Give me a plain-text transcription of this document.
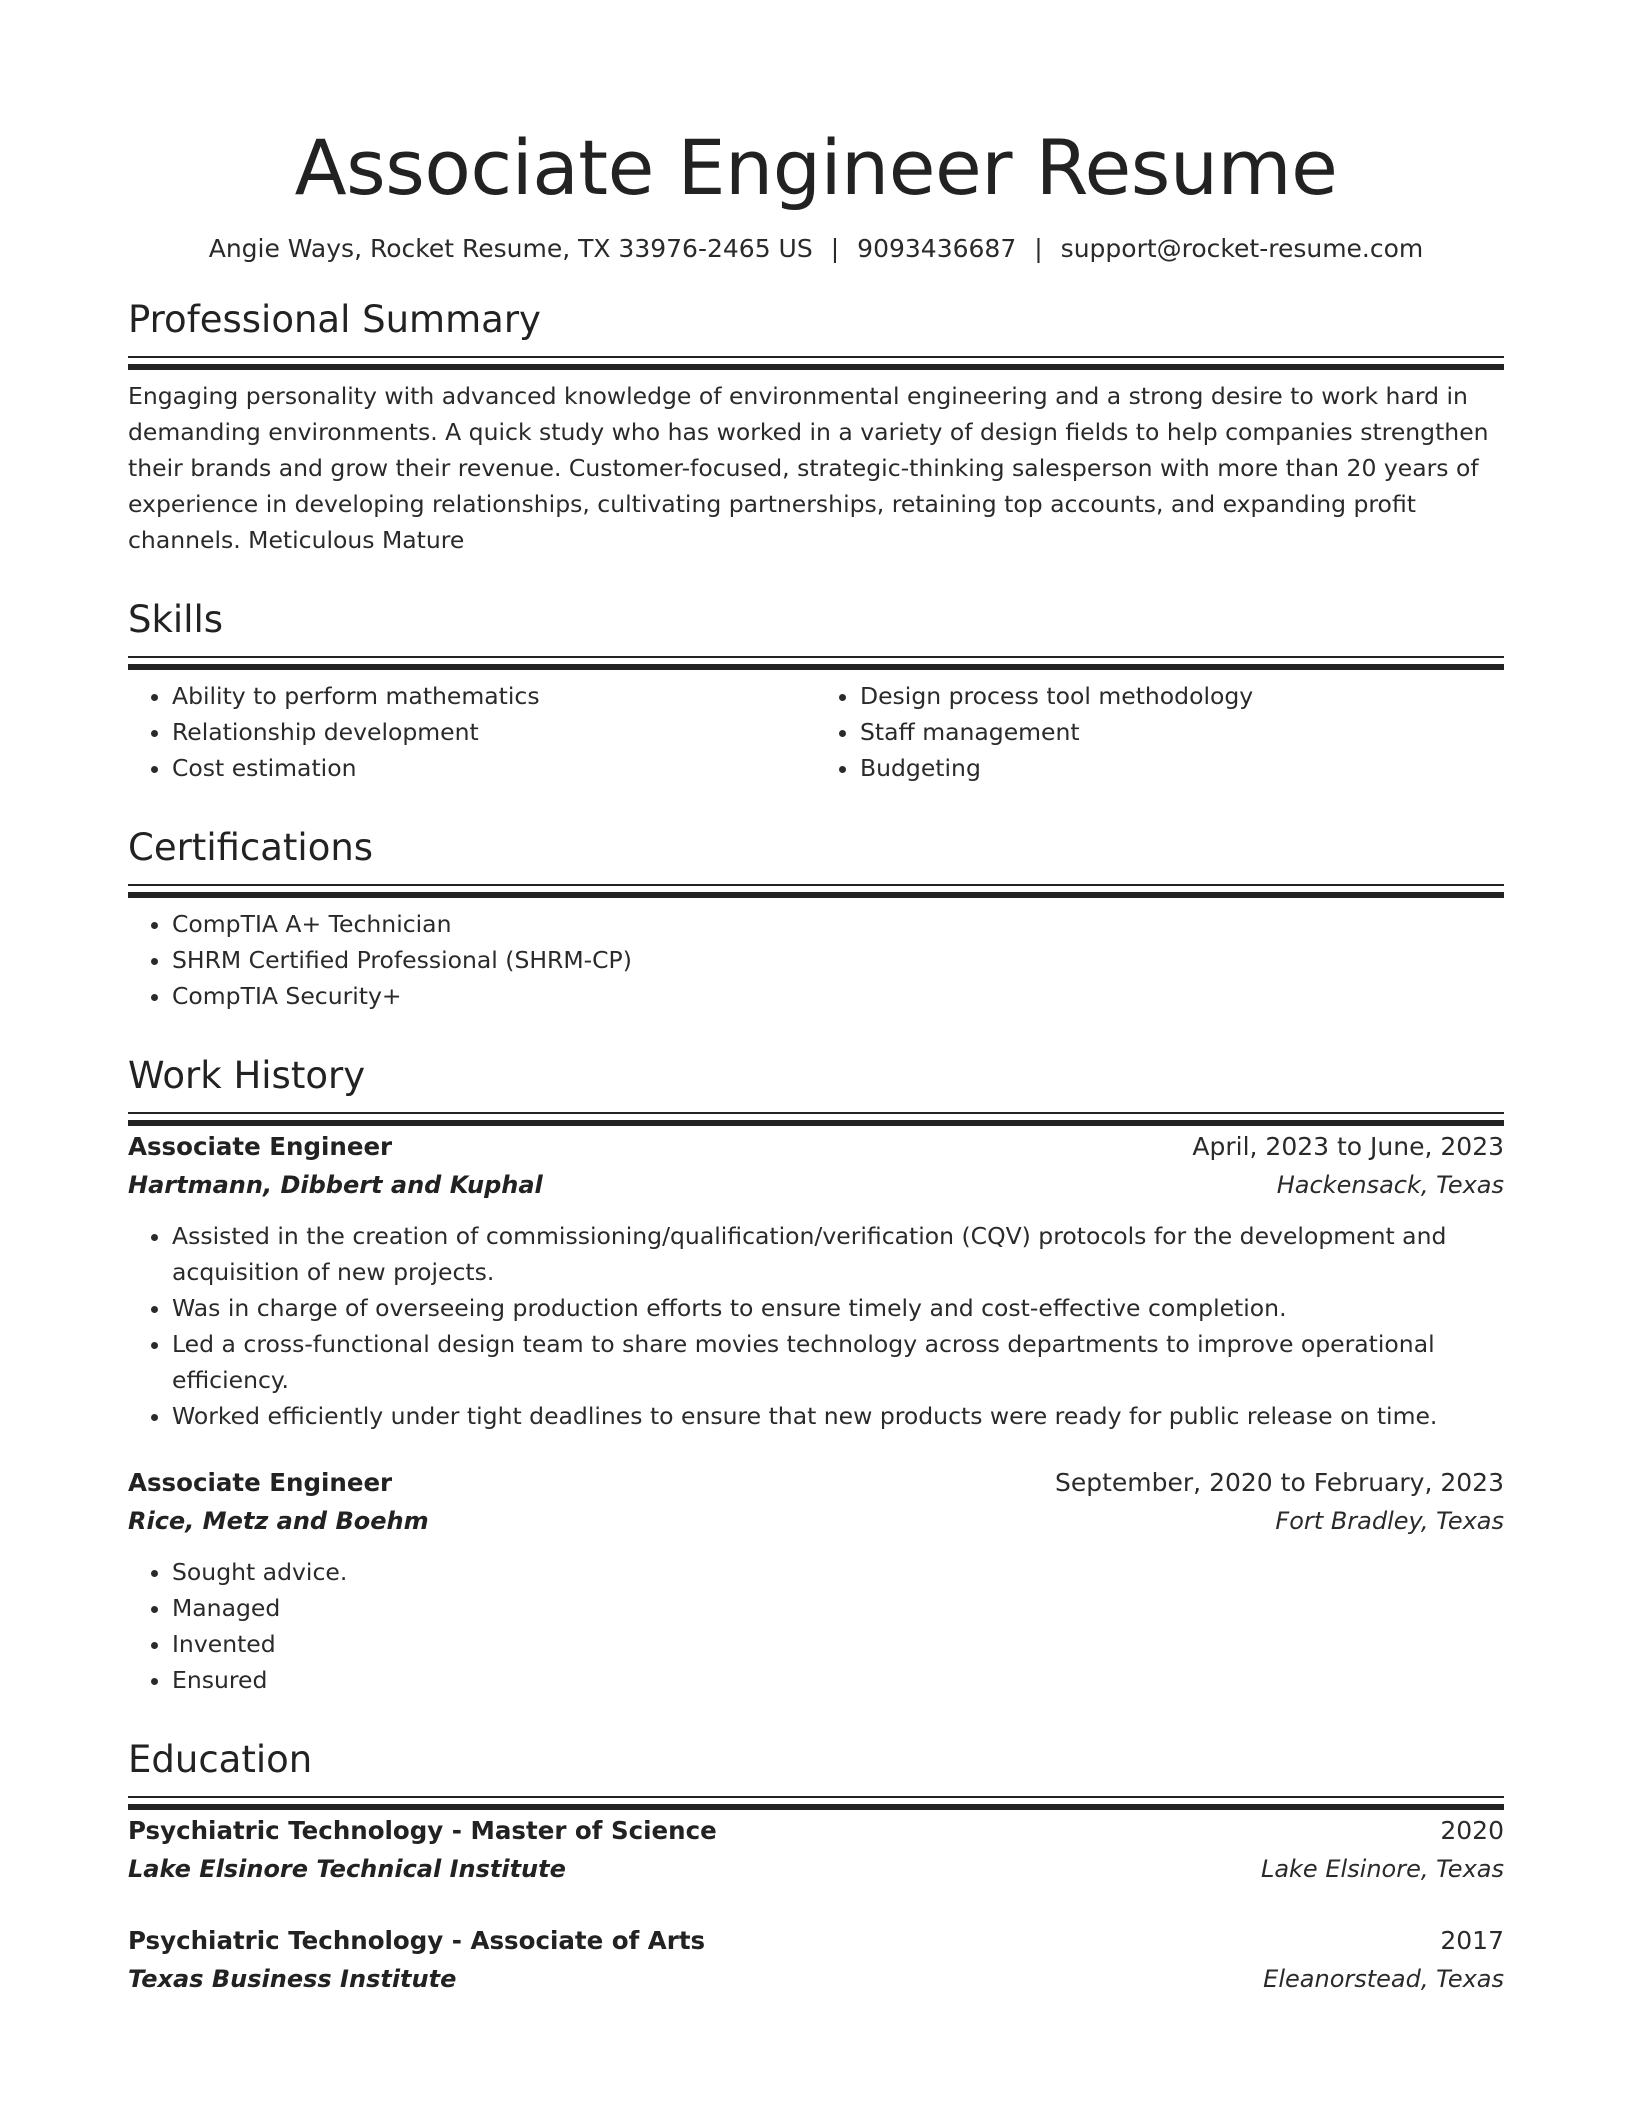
Associate Engineer Resume
Angie Ways, Rocket Resume, TX 33976-2465 US | 9093436687 | support@rocket-resume.com
Professional Summary

Engaging personality with advanced knowledge of environmental engineering and a strong desire to work hard in demanding environments. A quick study who has worked in a variety of design fields to help companies strengthen their brands and grow their revenue. Customer-focused, strategic-thinking salesperson with more than 20 years of experience in developing relationships, cultivating partnerships, retaining top accounts, and expanding profit channels. Meticulous Mature

Skills
• Ability to perform mathematics
• Relationship development
• Cost estimation
• Design process tool methodology
• Staff management
• Budgeting
Certifications
• CompTIA A+ Technician
• SHRM Certified Professional (SHRM-CP)
• CompTIA Security+
Work History
Associate Engineer	April, 2023 to June, 2023
Hartmann, Dibbert and Kuphal	Hackensack, Texas
• Assisted in the creation of commissioning/qualification/verification (CQV) protocols for the development and acquisition of new projects.
• Was in charge of overseeing production efforts to ensure timely and cost-effective completion.
• Led a cross-functional design team to share movies technology across departments to improve operational efficiency.
• Worked efficiently under tight deadlines to ensure that new products were ready for public release on time.
Associate Engineer	September, 2020 to February, 2023
Rice, Metz and Boehm	Fort Bradley, Texas
• Sought advice.
• Managed
• Invented
• Ensured
Education
Psychiatric Technology - Master of Science	2020
Lake Elsinore Technical Institute	Lake Elsinore, Texas
Psychiatric Technology - Associate of Arts	2017
Texas Business Institute	Eleanorstead, Texas
